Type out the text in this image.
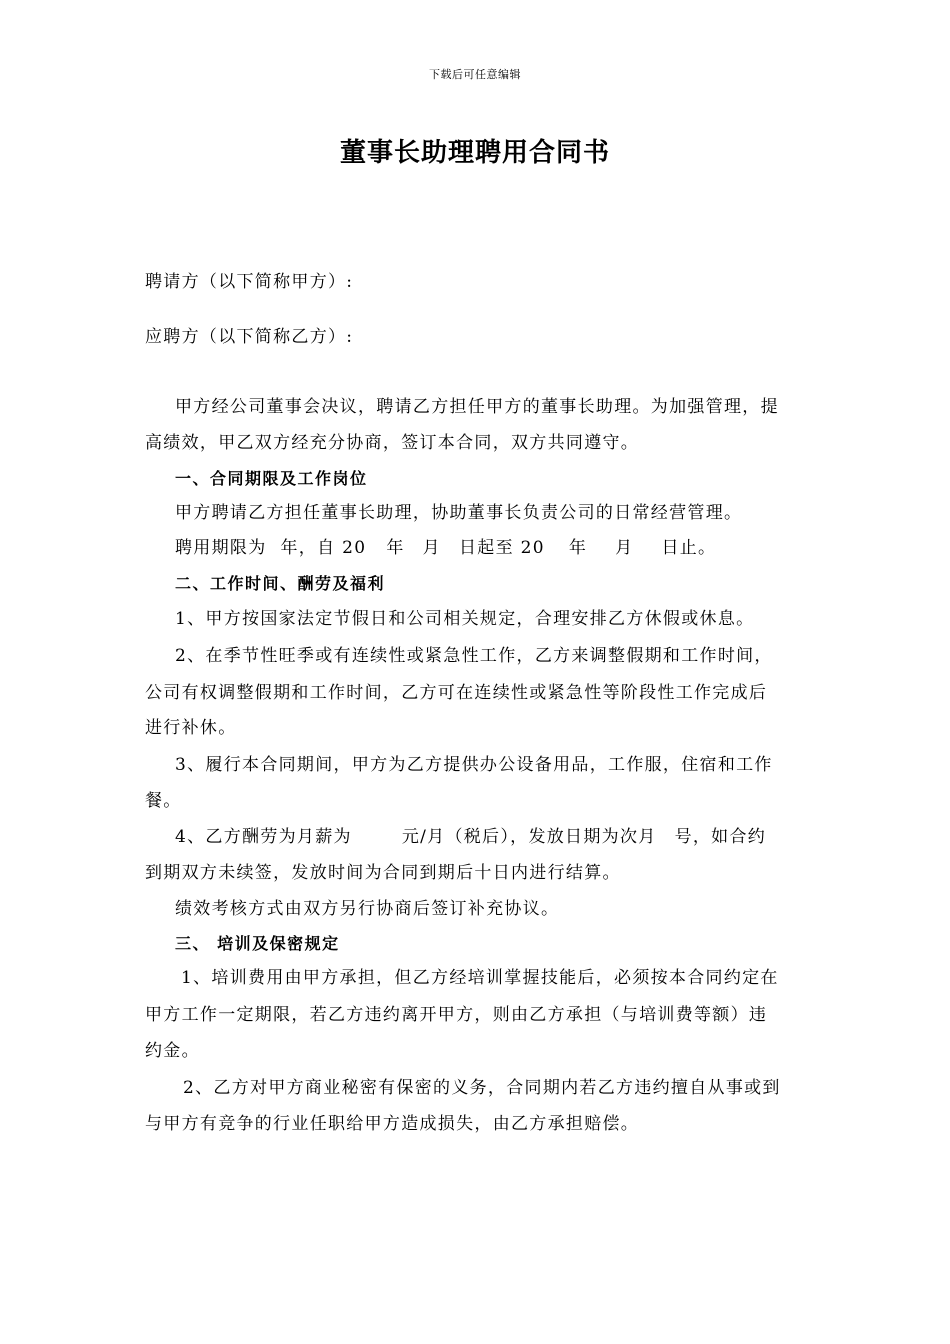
下载后可任意编辑
董事长助理聘用合同书
聘请方（以下简称甲方）:
应聘方（以下简称乙方）:
甲方经公司董事会决议，聘请乙方担任甲方的董事长助理。为加强管理，提
高绩效，甲乙双方经充分协商，签订本合同，双方共同遵守。
一、合同期限及工作岗位
甲方聘请乙方担任董事长助理，协助董事长负责公司的日常经营管理。
聘用期限为 年，自 20 年 月 日起至 20 年 月 日止。
二、工作时间、酬劳及福利
1、甲方按国家法定节假日和公司相关规定，合理安排乙方休假或休息。
2、在季节性旺季或有连续性或紧急性工作，乙方来调整假期和工作时间，
公司有权调整假期和工作时间，乙方可在连续性或紧急性等阶段性工作完成后
进行补休。
3、履行本合同期间，甲方为乙方提供办公设备用品，工作服，住宿和工作
餐。
4、乙方酬劳为月薪为	元/月（税后），发放日期为次月 号，如合约
到期双方未续签，发放时间为合同到期后十日内进行结算。
绩效考核方式由双方另行协商后签订补充协议。
三、 培训及保密规定
1、培训费用由甲方承担，但乙方经培训掌握技能后，必须按本合同约定在
甲方工作一定期限，若乙方违约离开甲方，则由乙方承担（与培训费等额）违
约金。
2、乙方对甲方商业秘密有保密的义务，合同期内若乙方违约擅自从事或到
与甲方有竞争的行业任职给甲方造成损失，由乙方承担赔偿。
